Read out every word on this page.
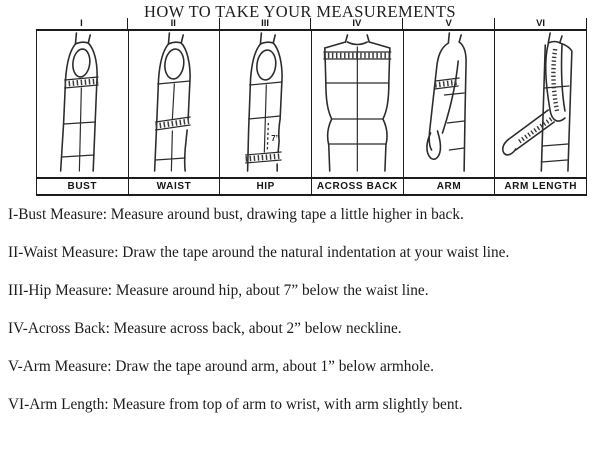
HOW TO TAKE YOUR MEASUREMENTS
I	II	III	IV	V	VI
7”
BUST	WAIST	HIP	ACROSS BACK	ARM	ARM LENGTH

I-Bust Measure: Measure around bust, drawing tape a little higher in back.

II-Waist Measure: Draw the tape around the natural indentation at your waist line.

III-Hip Measure: Measure around hip, about 7” below the waist line.

IV-Across Back: Measure across back, about 2” below neckline.

V-Arm Measure: Draw the tape around arm, about 1” below armhole.

VI-Arm Length: Measure from top of arm to wrist, with arm slightly bent.
